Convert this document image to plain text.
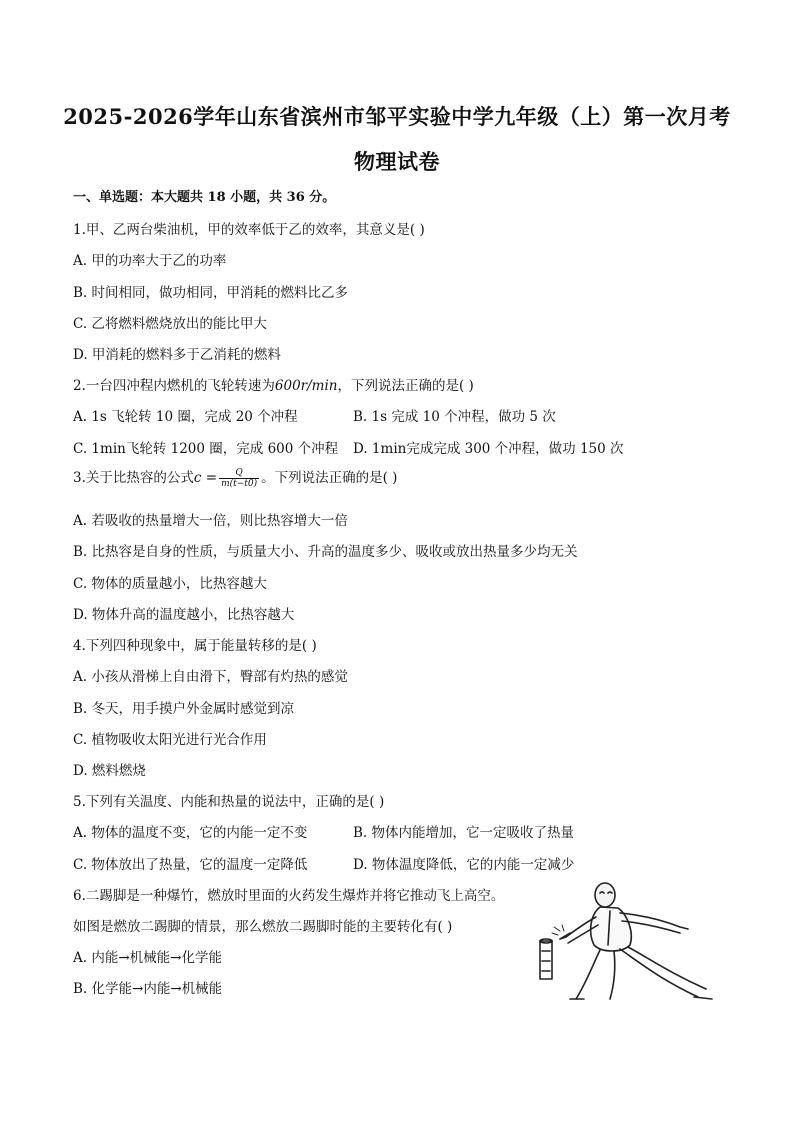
2025-2026学年山东省滨州市邹平实验中学九年级（上）第一次月考
物理试卷
一、单选题：本大题共 18 小题，共 36 分。
1.甲、乙两台柴油机，甲的效率低于乙的效率，其意义是( )
A. 甲的功率大于乙的功率
B. 时间相同，做功相同，甲消耗的燃料比乙多
C. 乙将燃料燃烧放出的能比甲大
D. 甲消耗的燃料多于乙消耗的燃料
2.一台四冲程内燃机的飞轮转速为600r/min，下列说法正确的是( )
A. 1s 飞轮转 10 圈，完成 20 个冲程	B. 1s 完成 10 个冲程，做功 5 次
C. 1min飞轮转 1200 圈，完成 600 个冲程 D. 1min完成完成 300 个冲程，做功 150 次
3.关于比热容的公式$c = \frac{Q}{m(t-t0)}$ 。下列说法正确的是( )
A. 若吸收的热量增大一倍，则比热容增大一倍
B. 比热容是自身的性质，与质量大小、升高的温度多少、吸收或放出热量多少均无关
C. 物体的质量越小，比热容越大
D. 物体升高的温度越小，比热容越大
4.下列四种现象中，属于能量转移的是( )
A. 小孩从滑梯上自由滑下，臀部有灼热的感觉
B. 冬天，用手摸户外金属时感觉到凉
C. 植物吸收太阳光进行光合作用
D. 燃料燃烧
5.下列有关温度、内能和热量的说法中，正确的是( )
A. 物体的温度不变，它的内能一定不变	B. 物体内能增加，它一定吸收了热量
C. 物体放出了热量，它的温度一定降低	D. 物体温度降低，它的内能一定减少
6.二踢脚是一种爆竹，燃放时里面的火药发生爆炸并将它推动飞上高空。
如图是燃放二踢脚的情景，那么燃放二踢脚时能的主要转化有( )
A. 内能→机械能→化学能
B. 化学能→内能→机械能
